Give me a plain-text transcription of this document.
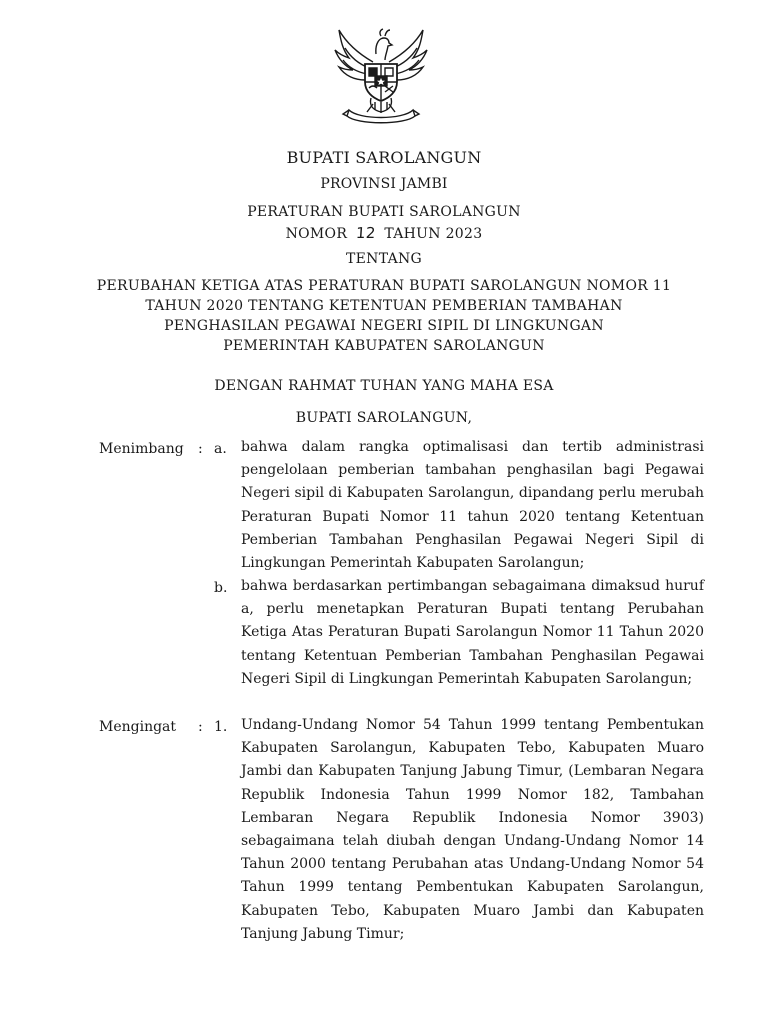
BUPATI SAROLANGUN
PROVINSI JAMBI
PERATURAN BUPATI SAROLANGUN
NOMOR 12 TAHUN 2023
TENTANG
PERUBAHAN KETIGA ATAS PERATURAN BUPATI SAROLANGUN NOMOR 11
TAHUN 2020 TENTANG KETENTUAN PEMBERIAN TAMBAHAN
PENGHASILAN PEGAWAI NEGERI SIPIL DI LINGKUNGAN
PEMERINTAH KABUPATEN SAROLANGUN
DENGAN RAHMAT TUHAN YANG MAHA ESA
BUPATI SAROLANGUN,
Menimbang : a. bahwa dalam rangka optimalisasi dan tertib administrasi pengelolaan pemberian tambahan penghasilan bagi Pegawai Negeri sipil di Kabupaten Sarolangun, dipandang perlu merubah Peraturan Bupati Nomor 11 tahun 2020 tentang Ketentuan Pemberian Tambahan Penghasilan Pegawai Negeri Sipil di Lingkungan Pemerintah Kabupaten Sarolangun;

b. bahwa berdasarkan pertimbangan sebagaimana dimaksud huruf a, perlu menetapkan Peraturan Bupati tentang Perubahan Ketiga Atas Peraturan Bupati Sarolangun Nomor 11 Tahun 2020 tentang Ketentuan Pemberian Tambahan Penghasilan Pegawai Negeri Sipil di Lingkungan Pemerintah Kabupaten Sarolangun;

Mengingat : 1. Undang-Undang Nomor 54 Tahun 1999 tentang Pembentukan Kabupaten Sarolangun, Kabupaten Tebo, Kabupaten Muaro Jambi dan Kabupaten Tanjung Jabung Timur, (Lembaran Negara Republik Indonesia Tahun 1999 Nomor 182, Tambahan Lembaran Negara Republik Indonesia Nomor 3903) sebagaimana telah diubah dengan Undang-Undang Nomor 14 Tahun 2000 tentang Perubahan atas Undang-Undang Nomor 54 Tahun 1999 tentang Pembentukan Kabupaten Sarolangun, Kabupaten Tebo, Kabupaten Muaro Jambi dan Kabupaten Tanjung Jabung Timur;
